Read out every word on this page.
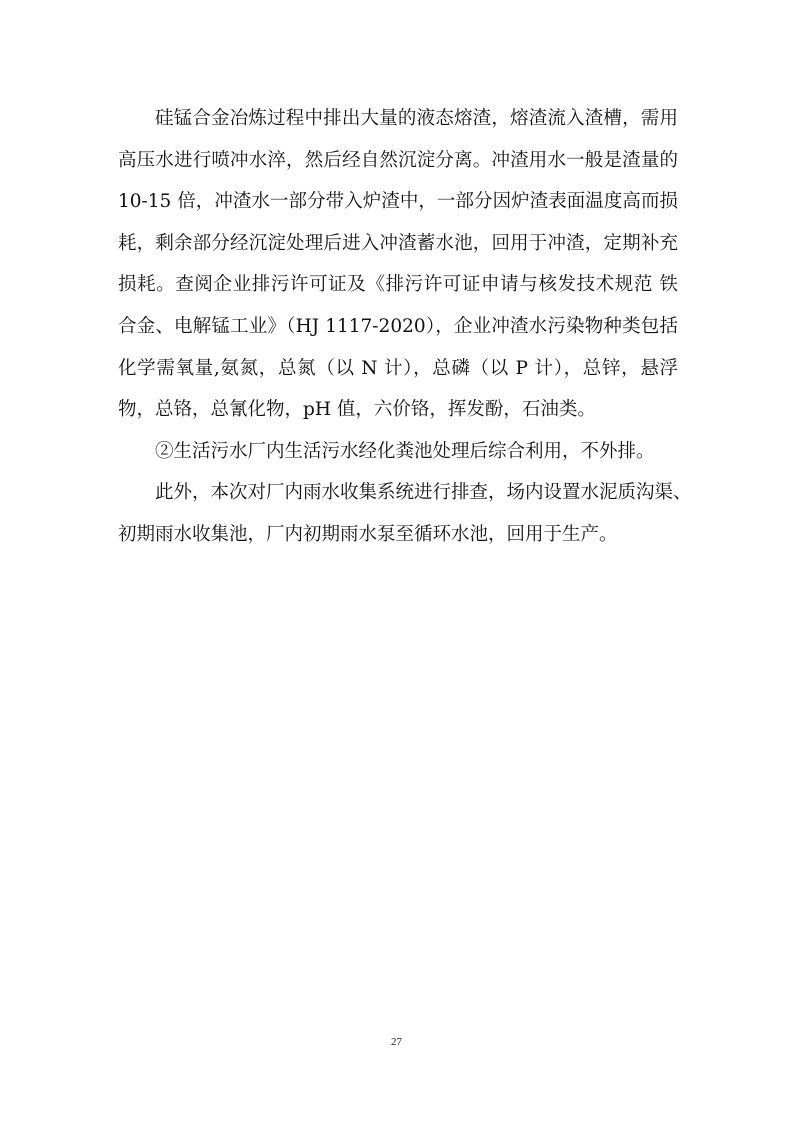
硅锰合金冶炼过程中排出大量的液态熔渣，熔渣流入渣槽，需用
高压水进行喷冲水淬，然后经自然沉淀分离。冲渣用水一般是渣量的
10-15 倍，冲渣水一部分带入炉渣中，一部分因炉渣表面温度高而损
耗，剩余部分经沉淀处理后进入冲渣蓄水池，回用于冲渣，定期补充
损耗。查阅企业排污许可证及《排污许可证申请与核发技术规范 铁
合金、电解锰工业》（HJ 1117-2020），企业冲渣水污染物种类包括
化学需氧量,氨氮，总氮（以 N 计），总磷（以 P 计），总锌，悬浮
物，总铬，总氰化物，pH 值，六价铬，挥发酚，石油类。
②生活污水厂内生活污水经化粪池处理后综合利用，不外排。
此外，本次对厂内雨水收集系统进行排查，场内设置水泥质沟渠、
初期雨水收集池，厂内初期雨水泵至循环水池，回用于生产。
27
